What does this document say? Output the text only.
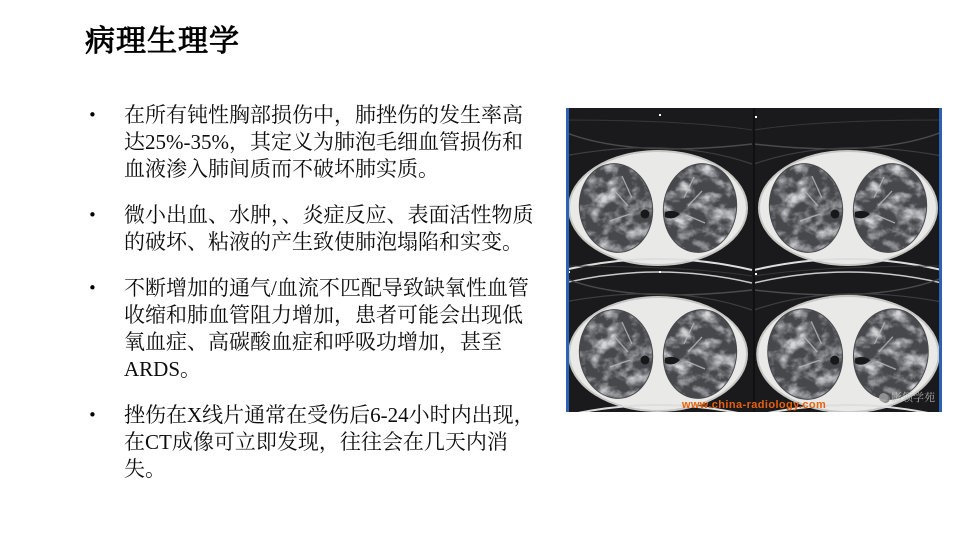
病理生理学
•	在所有钝性胸部损伤中，肺挫伤的发生率高达25%-35%，其定义为肺泡毛细血管损伤和血液渗入肺间质而不破坏肺实质。
•	微小出血、水肿，、炎症反应、表面活性物质的破坏、粘液的产生致使肺泡塌陷和实变。
•	不断增加的通气/血流不匹配导致缺氧性血管收缩和肺血管阻力增加，患者可能会出现低氧血症、高碳酸血症和呼吸功增加，甚至ARDS。
•	挫伤在X线片通常在受伤后6-24小时内出现，在CT成像可立即发现，往往会在几天内消失。
www.china-radiology.com
影领学苑
